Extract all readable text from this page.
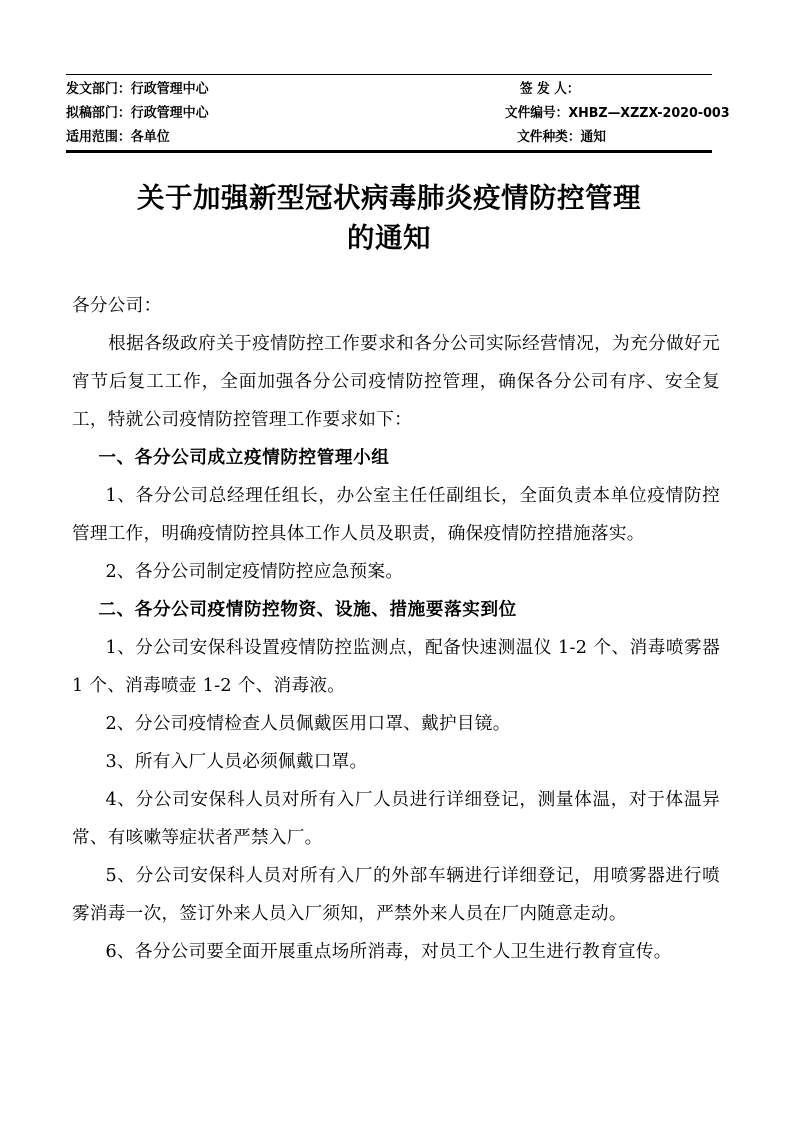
发文部门：行政管理中心	签 发 人：
拟稿部门：行政管理中心	文件编号：XHBZ—XZZX-2020-003
适用范围：各单位	文件种类：通知
关于加强新型冠状病毒肺炎疫情防控管理
的通知

各分公司：

根据各级政府关于疫情防控工作要求和各分公司实际经营情况，为充分做好元宵节后复工工作，全面加强各分公司疫情防控管理，确保各分公司有序、安全复工，特就公司疫情防控管理工作要求如下：

一、各分公司成立疫情防控管理小组

1、各分公司总经理任组长，办公室主任任副组长，全面负责本单位疫情防控管理工作，明确疫情防控具体工作人员及职责，确保疫情防控措施落实。

2、各分公司制定疫情防控应急预案。

二、各分公司疫情防控物资、设施、措施要落实到位

1、分公司安保科设置疫情防控监测点，配备快速测温仪 1-2 个、消毒喷雾器 1 个、消毒喷壶 1-2 个、消毒液。

2、分公司疫情检查人员佩戴医用口罩、戴护目镜。

3、所有入厂人员必须佩戴口罩。

4、分公司安保科人员对所有入厂人员进行详细登记，测量体温，对于体温异常、有咳嗽等症状者严禁入厂。

5、分公司安保科人员对所有入厂的外部车辆进行详细登记，用喷雾器进行喷雾消毒一次，签订外来人员入厂须知，严禁外来人员在厂内随意走动。

6、各分公司要全面开展重点场所消毒，对员工个人卫生进行教育宣传。
